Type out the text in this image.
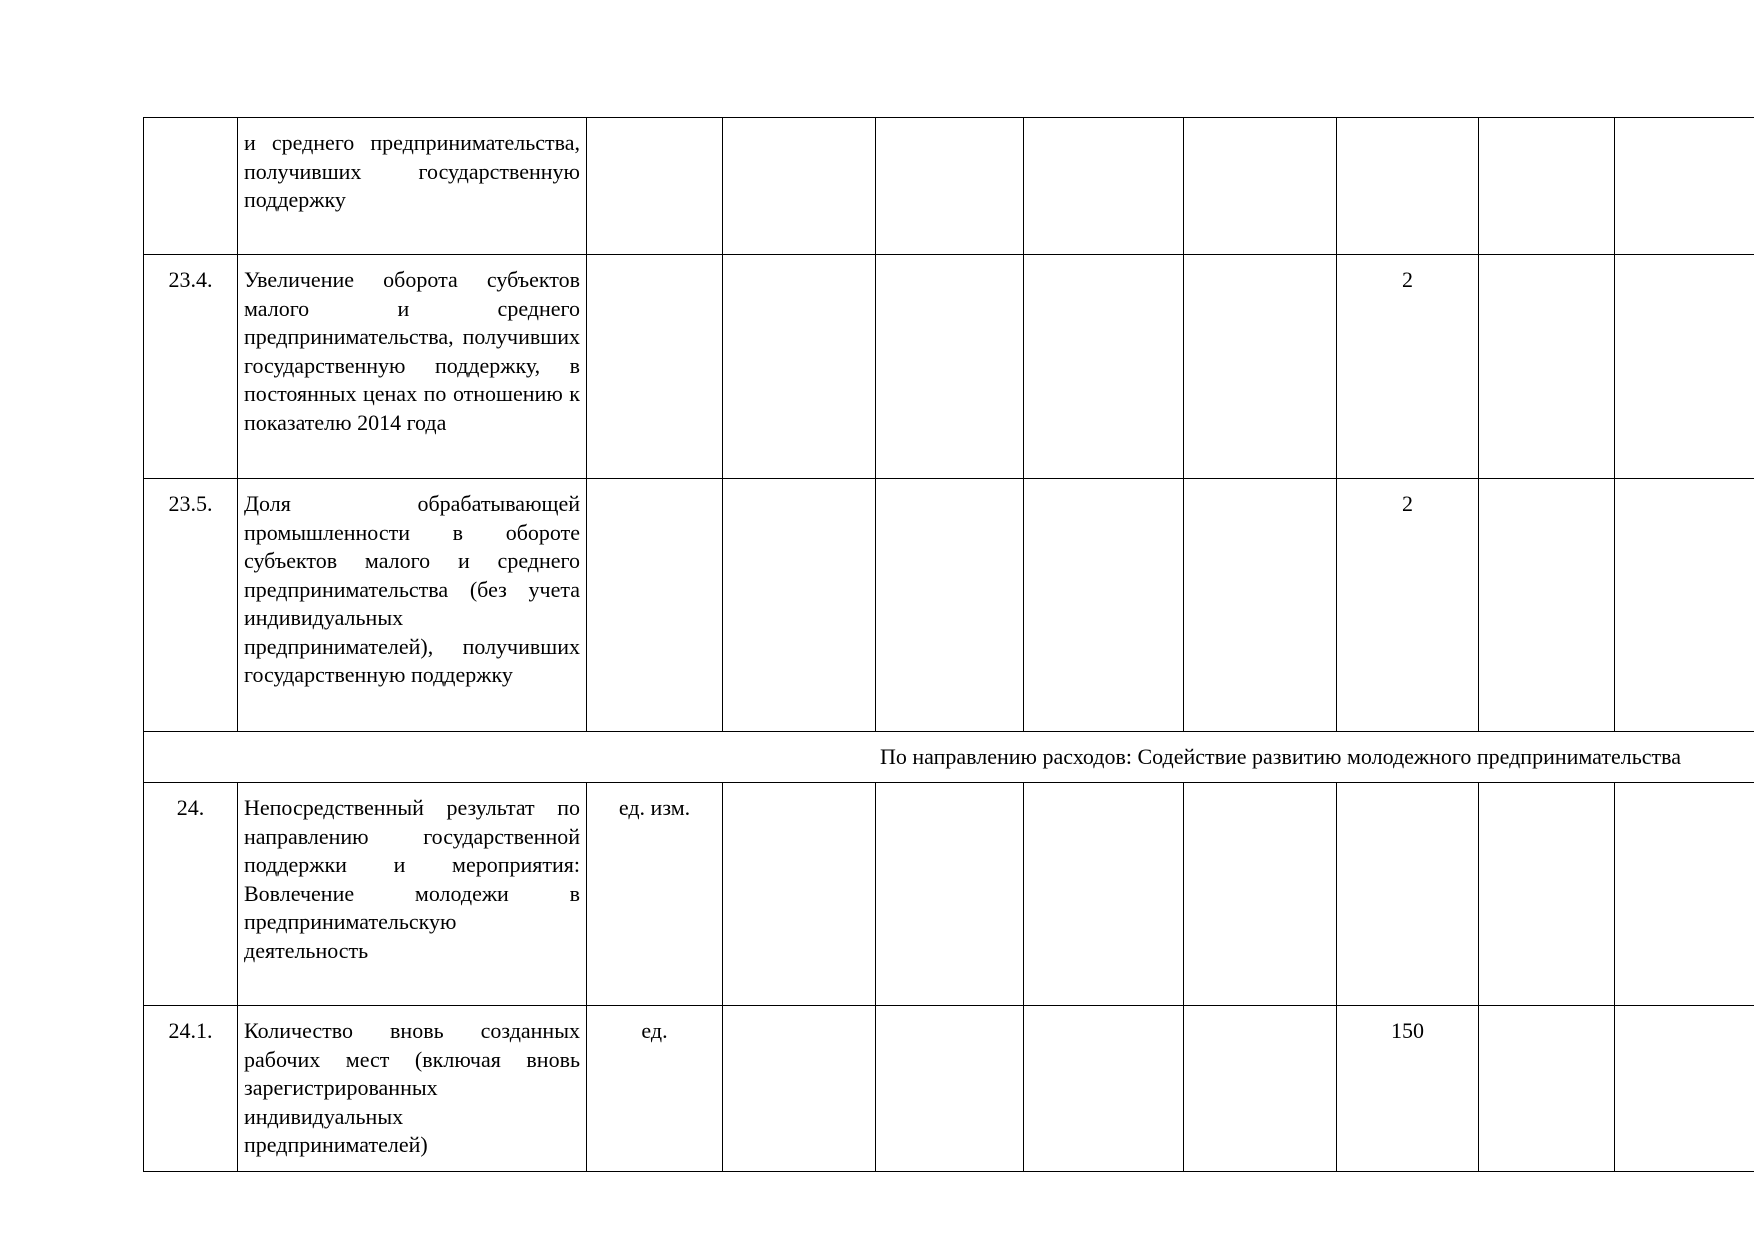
	и среднего предпринимательства, получивших государственную поддержку								
23.4.	Увеличение оборота субъектов малого и среднего предпринимательства, получивших государственную поддержку, в постоянных ценах по отношению к показателю 2014 года						2		
23.5.	Доля обрабатывающей промышленности в обороте субъектов малого и среднего предпринимательства (без учета индивидуальных предпринимателей), получивших государственную поддержку						2		
По направлению расходов: Содействие развитию молодежного предпринимательства									
24.	Непосредственный результат по направлению государственной поддержки и мероприятия: Вовлечение молодежи в предпринимательскую деятельность	ед. изм.							
24.1.	Количество вновь созданных рабочих мест (включая вновь зарегистрированных индивидуальных предпринимателей)	ед.					150		
